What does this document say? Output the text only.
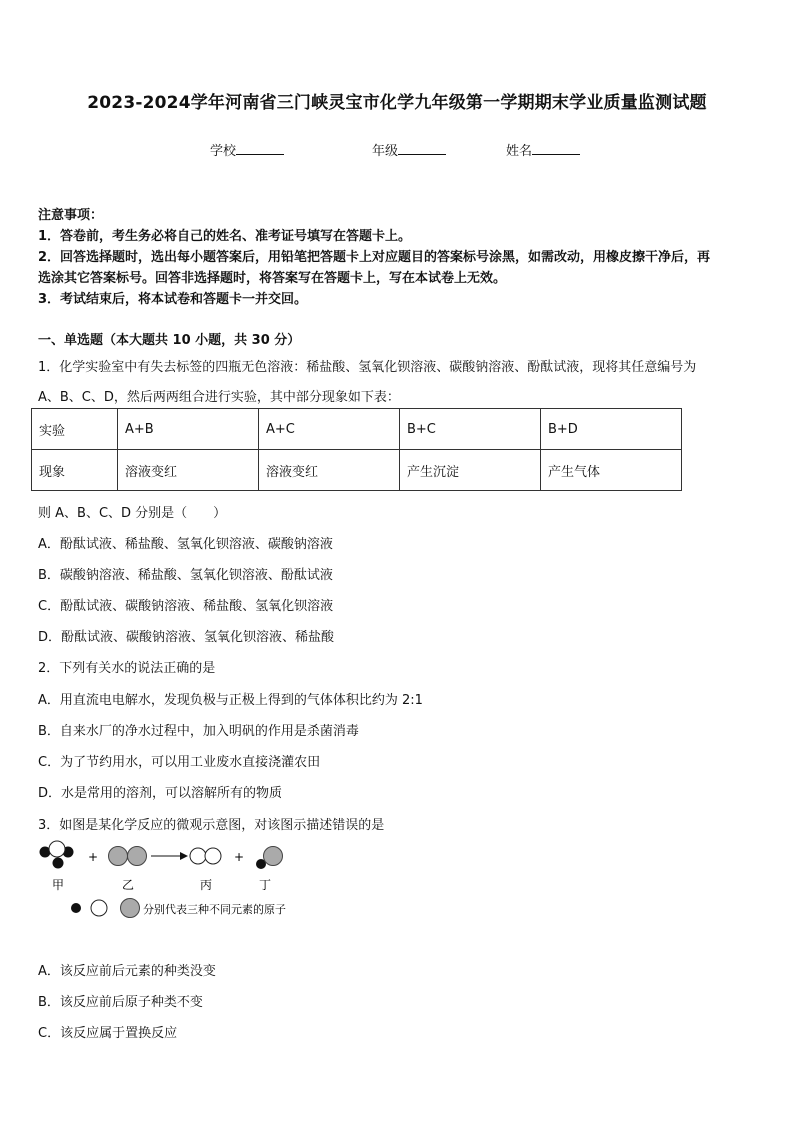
2023-2024学年河南省三门峡灵宝市化学九年级第一学期期末学业质量监测试题
学校	年级	姓名
注意事项：
1．答卷前，考生务必将自己的姓名、准考证号填写在答题卡上。
2．回答选择题时，选出每小题答案后，用铅笔把答题卡上对应题目的答案标号涂黑，如需改动，用橡皮擦干净后，再
选涂其它答案标号。回答非选择题时，将答案写在答题卡上，写在本试卷上无效。
3．考试结束后，将本试卷和答题卡一并交回。
一、单选题（本大题共 10 小题，共 30 分）
1．化学实验室中有失去标签的四瓶无色溶液：稀盐酸、氢氧化钡溶液、碳酸钠溶液、酚酞试液，现将其任意编号为
A、B、C、D，然后两两组合进行实验，其中部分现象如下表：
实验	A+B	A+C	B+C	B+D
现象	溶液变红	溶液变红	产生沉淀	产生气体
则 A、B、C、D 分别是（　　）
A．酚酞试液、稀盐酸、氢氧化钡溶液、碳酸钠溶液
B．碳酸钠溶液、稀盐酸、氢氧化钡溶液、酚酞试液
C．酚酞试液、碳酸钠溶液、稀盐酸、氢氧化钡溶液
D．酚酞试液、碳酸钠溶液、氢氧化钡溶液、稀盐酸
2．下列有关水的说法正确的是
A．用直流电电解水，发现负极与正极上得到的气体体积比约为 2:1
B．自来水厂的净水过程中，加入明矾的作用是杀菌消毒
C．为了节约用水，可以用工业废水直接浇灌农田
D．水是常用的溶剂，可以溶解所有的物质
3．如图是某化学反应的微观示意图，对该图示描述错误的是
+	+
甲	乙	丙	丁
分别代表三种不同元素的原子
A．该反应前后元素的种类没变
B．该反应前后原子种类不变
C．该反应属于置换反应
